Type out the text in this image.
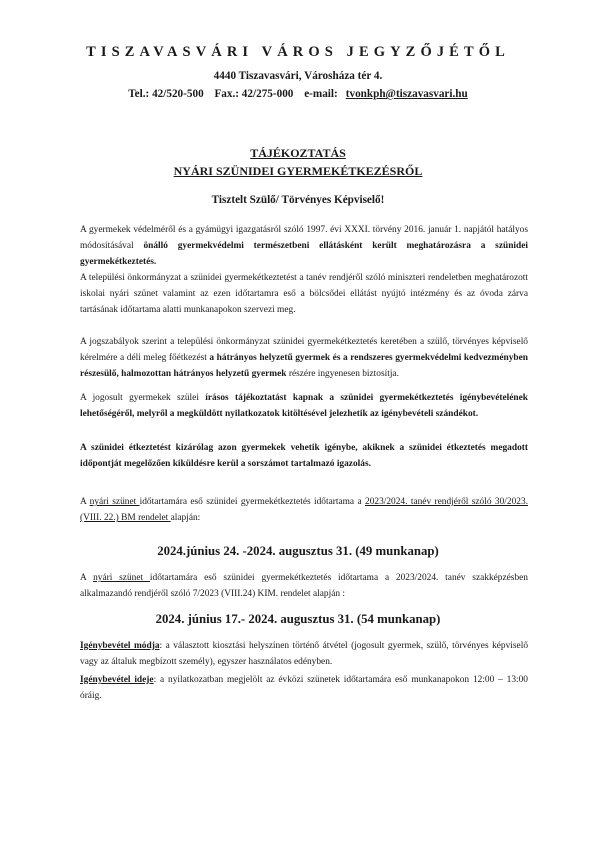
TISZAVASVÁRI VÁROS JEGYZŐJÉTŐL

4440 Tiszavasvári, Városháza tér 4.

Tel.: 42/520-500 Fax.: 42/275-000 e-mail: tvonkph@tiszavasvari.hu

TÁJÉKOZTATÁS

NYÁRI SZÜNIDEI GYERMEKÉTKEZÉSRŐL

Tisztelt Szülő/ Törvényes Képviselő!

A gyermekek védelméről és a gyámügyi igazgatásról szóló 1997. évi XXXI. törvény 2016. január 1. napjától hatályos módosításával önálló gyermekvédelmi természetbeni ellátásként került meghatározásra a szünidei gyermekétkeztetés.

A települési önkormányzat a szünidei gyermekétkeztetést a tanév rendjéről szóló miniszteri rendeletben meghatározott iskolai nyári szünet valamint az ezen időtartamra eső a bölcsődei ellátást nyújtó intézmény és az óvoda zárva tartásának időtartama alatti munkanapokon szervezi meg.

A jogszabályok szerint a települési önkormányzat szünidei gyermekétkeztetés keretében a szülő, törvényes képviselő kérelmére a déli meleg főétkezést a hátrányos helyzetű gyermek és a rendszeres gyermekvédelmi kedvezményben részesülő, halmozottan hátrányos helyzetű gyermek részére ingyenesen biztosítja.

A jogosult gyermekek szülei írásos tájékoztatást kapnak a szünidei gyermekétkeztetés igénybevételének lehetőségéről, melyről a megküldött nyilatkozatok kitöltésével jelezhetik az igénybevételi szándékot.

A szünidei étkeztetést kizárólag azon gyermekek vehetik igénybe, akiknek a szünidei étkeztetés megadott időpontját megelőzően kiküldésre kerül a sorszámot tartalmazó igazolás.

A nyári szünet időtartamára eső szünidei gyermekétkeztetés időtartama a 2023/2024. tanév rendjéről szóló 30/2023. (VIII. 22.) BM rendelet alapján:

2024.június 24. -2024. augusztus 31. (49 munkanap)

A nyári szünet időtartamára eső szünidei gyermekétkeztetés időtartama a 2023/2024. tanév szakképzésben alkalmazandó rendjéről szóló 7/2023 (VIII.24) KIM. rendelet alapján :

2024. június 17.- 2024. augusztus 31. (54 munkanap)

Igénybevétel módja: a választott kiosztási helyszínen történő átvétel (jogosult gyermek, szülő, törvényes képviselő vagy az általuk megbízott személy), egyszer használatos edényben.

Igénybevétel ideje: a nyilatkozatban megjelölt az évközi szünetek időtartamára eső munkanapokon 12:00 – 13:00 óráig.
